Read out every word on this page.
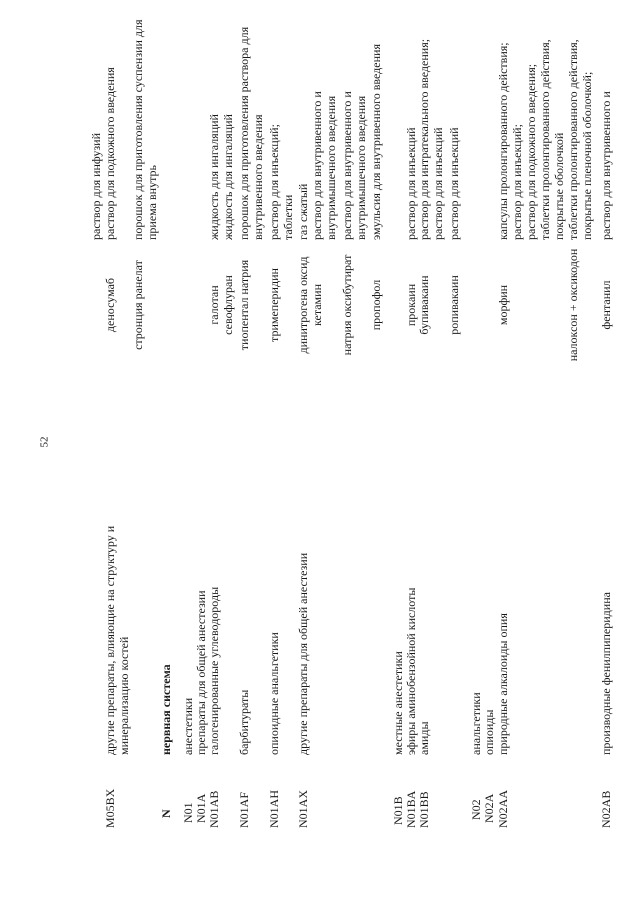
52
M05BX
другие препараты, влияющие на структуру и минерализацию костей
деносумаб
раствор для инфузий раствор для подкожного введения
стронция ранелат
порошок для приготовления суспензии для приема внутрь
N
нервная система
N01
анестетики
N01A
препараты для общей анестезии
N01AB
галогенированные углеводороды
галотан
жидкость для ингаляций
севофлуран
жидкость для ингаляций
N01AF
барбитураты
тиопентал натрия
порошок для приготовления раствора для внутривенного введения
N01AH
опиоидные анальгетики
тримеперидин
раствор для инъекций; таблетки
N01AX
другие препараты для общей анестезии
динитрогена оксид
газ сжатый
кетамин
раствор для внутривенного и внутримышечного введения
натрия оксибутират
раствор для внутривенного и внутримышечного введения
пропофол
эмульсия для внутривенного введения
N01B
местные анестетики
N01BA
эфиры аминобензойной кислоты
прокаин
раствор для инъекций
N01BB
амиды
бупивакаин
раствор для интратекального введения; раствор для инъекций
ропивакаин
раствор для инъекций
N02
анальгетики
N02A
опиоиды
N02AA
природные алкалоиды опия
морфин
капсулы пролонгированного действия; раствор для инъекций; раствор для подкожного введения; таблетки пролонгированного действия, покрытые оболочкой
налоксон + оксикодон
таблетки пролонгированного действия, покрытые пленочной оболочкой;
N02AB
производные фенилпиперидина
фентанил
раствор для внутривенного и
